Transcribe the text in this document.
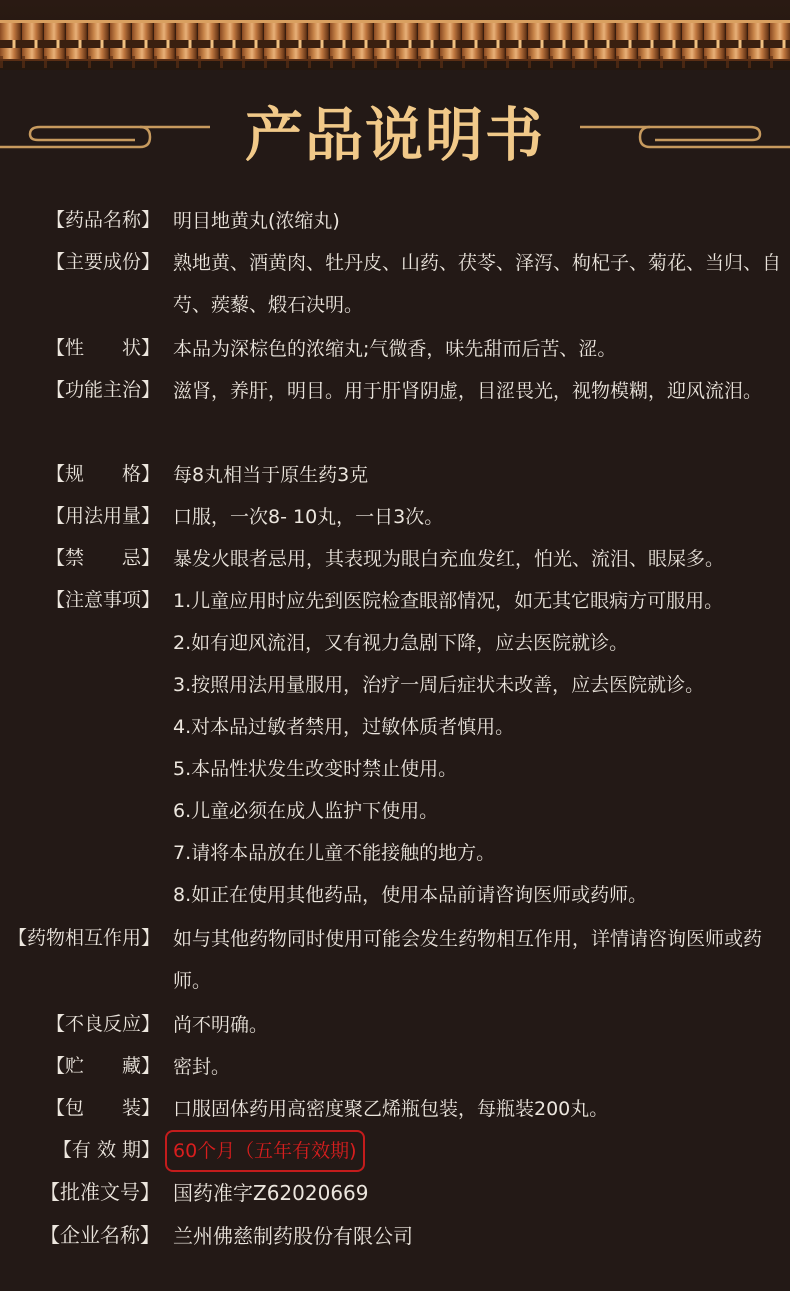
产品说明书
【药品名称】 明目地黄丸(浓缩丸)
【主要成份】 熟地黄、酒黄肉、牡丹皮、山药、茯苓、泽泻、枸杞子、菊花、当归、自芍、蒺藜、煅石决明。
【性　　状】 本品为深棕色的浓缩丸;气微香，味先甜而后苦、涩。
【功能主治】 滋肾，养肝，明目。用于肝肾阴虚，目涩畏光，视物模糊，迎风流泪。
【规　　格】 每8丸相当于原生药3克
【用法用量】 口服，一次8- 10丸，一日3次。
【禁　　忌】 暴发火眼者忌用，其表现为眼白充血发红，怕光、流泪、眼屎多。
【注意事项】 1.儿童应用时应先到医院检查眼部情况，如无其它眼病方可服用。
2.如有迎风流泪，又有视力急剧下降，应去医院就诊。
3.按照用法用量服用，治疗一周后症状未改善，应去医院就诊。
4.对本品过敏者禁用，过敏体质者慎用。
5.本品性状发生改变时禁止使用。
6.儿童必须在成人监护下使用。
7.请将本品放在儿童不能接触的地方。
8.如正在使用其他药品，使用本品前请咨询医师或药师。
【药物相互作用】 如与其他药物同时使用可能会发生药物相互作用，详情请咨询医师或药师。
【不良反应】 尚不明确。
【贮　　藏】 密封。
【包　　装】 口服固体药用高密度聚乙烯瓶包装，每瓶装200丸。
【有 效 期】 60个月（五年有效期)
【批准文号】 国药准字Z62020669
【企业名称】 兰州佛慈制药股份有限公司
